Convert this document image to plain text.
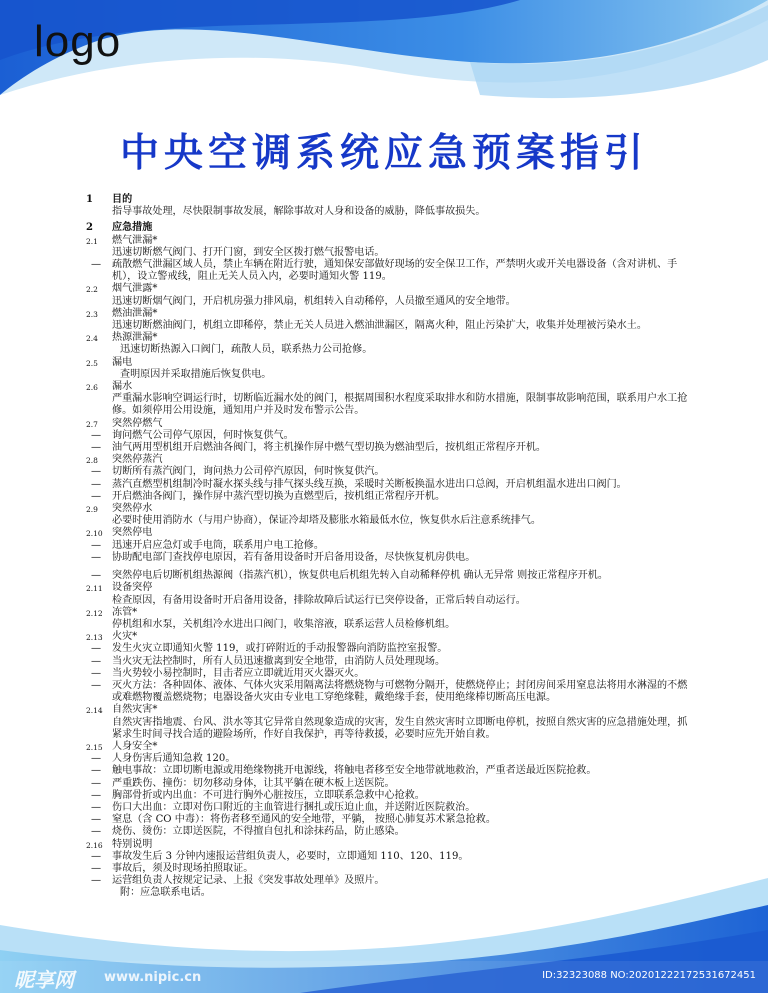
logo
中央空调系统应急预案指引
1 目的
指导事故处理，尽快限制事故发展，解除事故对人身和设备的威胁，降低事故损失。
2 应急措施
2.1 燃气泄漏*
迅速切断燃气阀门、打开门窗，到安全区拨打燃气报警电话。
— 疏散燃气泄漏区域人员，禁止车辆在附近行驶，通知保安部做好现场的安全保卫工作，严禁明火或开关电器设备（含对讲机、手机），设立警戒线，阻止无关人员入内，必要时通知火警 119。
2.2 烟气泄露*
迅速切断烟气阀门，开启机房强力排风扇，机组转入自动稀停，人员撤至通风的安全地带。
2.3 燃油泄漏*
迅速切断燃油阀门，机组立即稀停，禁止无关人员进入燃油泄漏区，隔离火种，阻止污染扩大，收集并处理被污染水土。
2.4 热源泄漏*
迅速切断热源入口阀门，疏散人员，联系热力公司抢修。
2.5 漏电
查明原因并采取措施后恢复供电。
2.6 漏水
严重漏水影响空调运行时，切断临近漏水处的阀门，根据周围积水程度采取排水和防水措施，限制事故影响范围，联系用户水工抢修。如须停用公用设施，通知用户并及时发布警示公告。
2.7 突然停燃气
— 询问燃气公司停气原因，何时恢复供气。
— 油气两用型机组开启燃油各阀门，将主机操作屏中燃气型切换为燃油型后，按机组正常程序开机。
2.8 突然停蒸汽
— 切断所有蒸汽阀门，询问热力公司停汽原因，何时恢复供汽。
— 蒸汽直燃型机组制冷时凝水探头线与排气探头线互换，采暖时关断板换温水进出口总阀，开启机组温水进出口阀门。
— 开启燃油各阀门，操作屏中蒸汽型切换为直燃型后，按机组正常程序开机。
2.9 突然停水
必要时使用消防水（与用户协商），保证冷却塔及膨胀水箱最低水位，恢复供水后注意系统排气。
2.10 突然停电
— 迅速开启应急灯或手电筒，联系用户电工抢修。
— 协助配电部门查找停电原因，若有备用设备时开启备用设备，尽快恢复机房供电。
— 突然停电后切断机组热源阀（指蒸汽机），恢复供电后机组先转入自动稀释停机 确认无异常 则按正常程序开机。
2.11 设备突停
检查原因，有备用设备时开启备用设备，排除故障后试运行已突停设备，正常后转自动运行。
2.12 冻管*
停机组和水泵，关机组冷水进出口阀门，收集溶液，联系运营人员检修机组。
2.13 火灾*
— 发生火灾立即通知火警 119，或打碎附近的手动报警器向消防监控室报警。
— 当火灾无法控制时，所有人员迅速撤离到安全地带，由消防人员处理现场。
— 当火势较小易控制时，目击者应立即就近用灭火器灭火。
— 灭火方法：各种固体、液体、气体火灾采用隔离法将燃烧物与可燃物分隔开，使燃烧停止；封闭房间采用窒息法将用水淋湿的不燃或难燃物覆盖燃烧物；电器设备火灾由专业电工穿绝缘鞋，戴绝缘手套，使用绝缘棒切断高压电源。
2.14 自然灾害*
自然灾害指地震、台风、洪水等其它异常自然现象造成的灾害，发生自然灾害时立即断电停机，按照自然灾害的应急措施处理，抓紧求生时间寻找合适的避险场所，作好自我保护，再等待救援，必要时应先开始自救。
2.15 人身安全*
— 人身伤害后通知急救 120。
— 触电事故：立即切断电源或用绝缘物挑开电源线，将触电者移至安全地带就地救治，严重者送最近医院抢救。
— 严重跌伤、撞伤：切勿移动身体，让其平躺在硬木板上送医院。
— 胸部骨折或内出血：不可进行胸外心脏按压，立即联系急救中心抢救。
— 伤口大出血：立即对伤口附近的主血管进行捆扎或压迫止血，并送附近医院救治。
— 窒息（含 CO 中毒）：将伤者移至通风的安全地带，平躺， 按照心肺复苏术紧急抢救。
— 烧伤、烫伤：立即送医院，不得擅自包扎和涂抹药品，防止感染。
2.16 特别说明
— 事故发生后 3 分钟内速报运营组负责人，必要时，立即通知 110、120、119。
— 事故后，须及时现场拍照取证。
— 运营组负责人按规定记录、上报《突发事故处理单》及照片。
附：应急联系电话。
昵享网 www.nipic.cn	ID:32323088 NO:20201222172531672451
